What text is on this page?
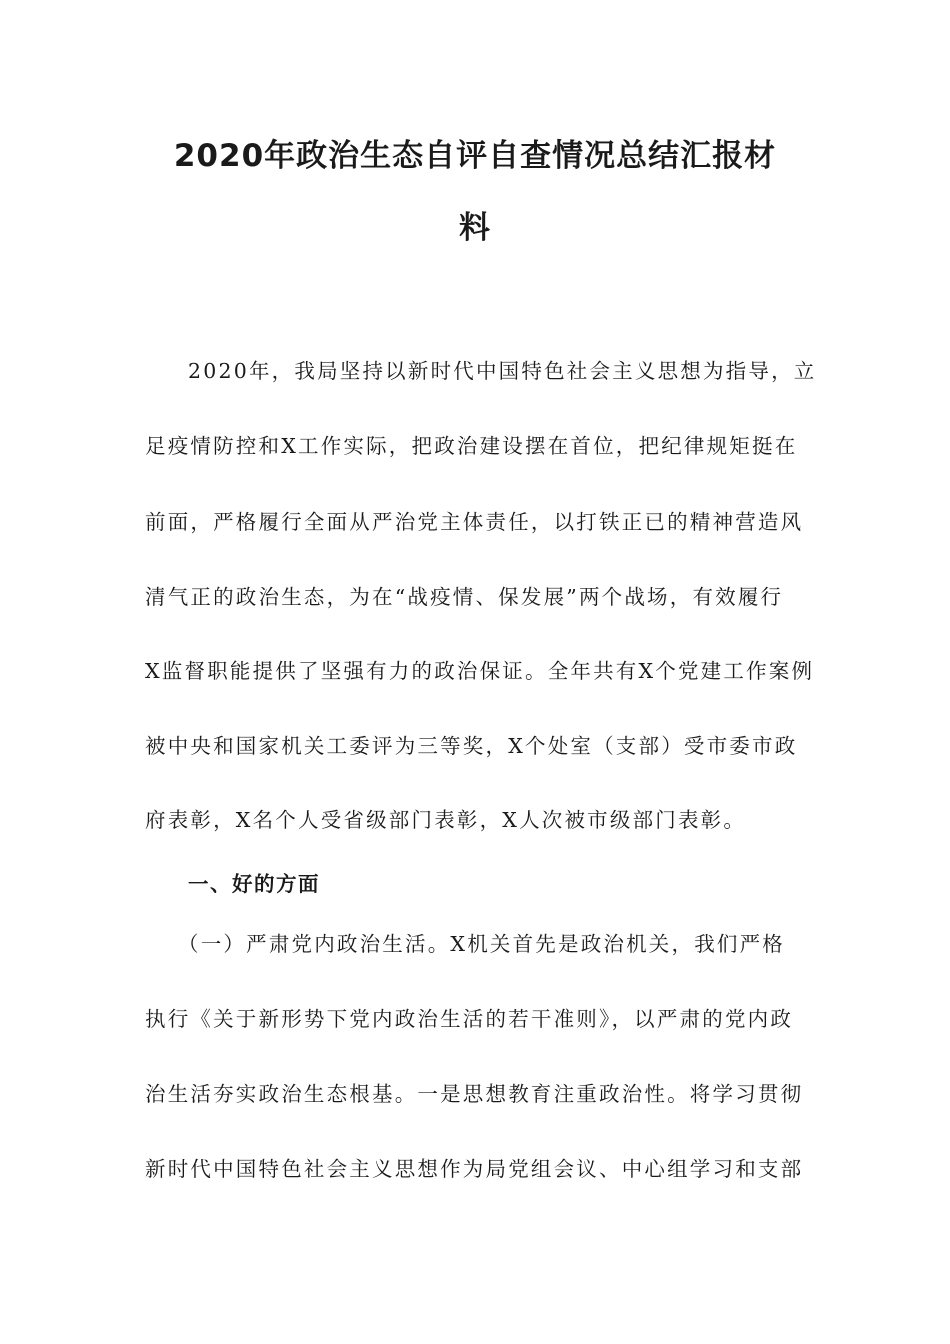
2020年政治生态自评自查情况总结汇报材
料
2020年，我局坚持以新时代中国特色社会主义思想为指导，立
足疫情防控和X工作实际，把政治建设摆在首位，把纪律规矩挺在
前面，严格履行全面从严治党主体责任，以打铁正已的精神营造风
清气正的政治生态，为在“战疫情、保发展”两个战场，有效履行
X监督职能提供了坚强有力的政治保证。全年共有X个党建工作案例
被中央和国家机关工委评为三等奖，X个处室（支部）受市委市政
府表彰，X名个人受省级部门表彰，X人次被市级部门表彰。
一、好的方面
（一）严肃党内政治生活。X机关首先是政治机关，我们严格
执行《关于新形势下党内政治生活的若干准则》，以严肃的党内政
治生活夯实政治生态根基。一是思想教育注重政治性。将学习贯彻
新时代中国特色社会主义思想作为局党组会议、中心组学习和支部
